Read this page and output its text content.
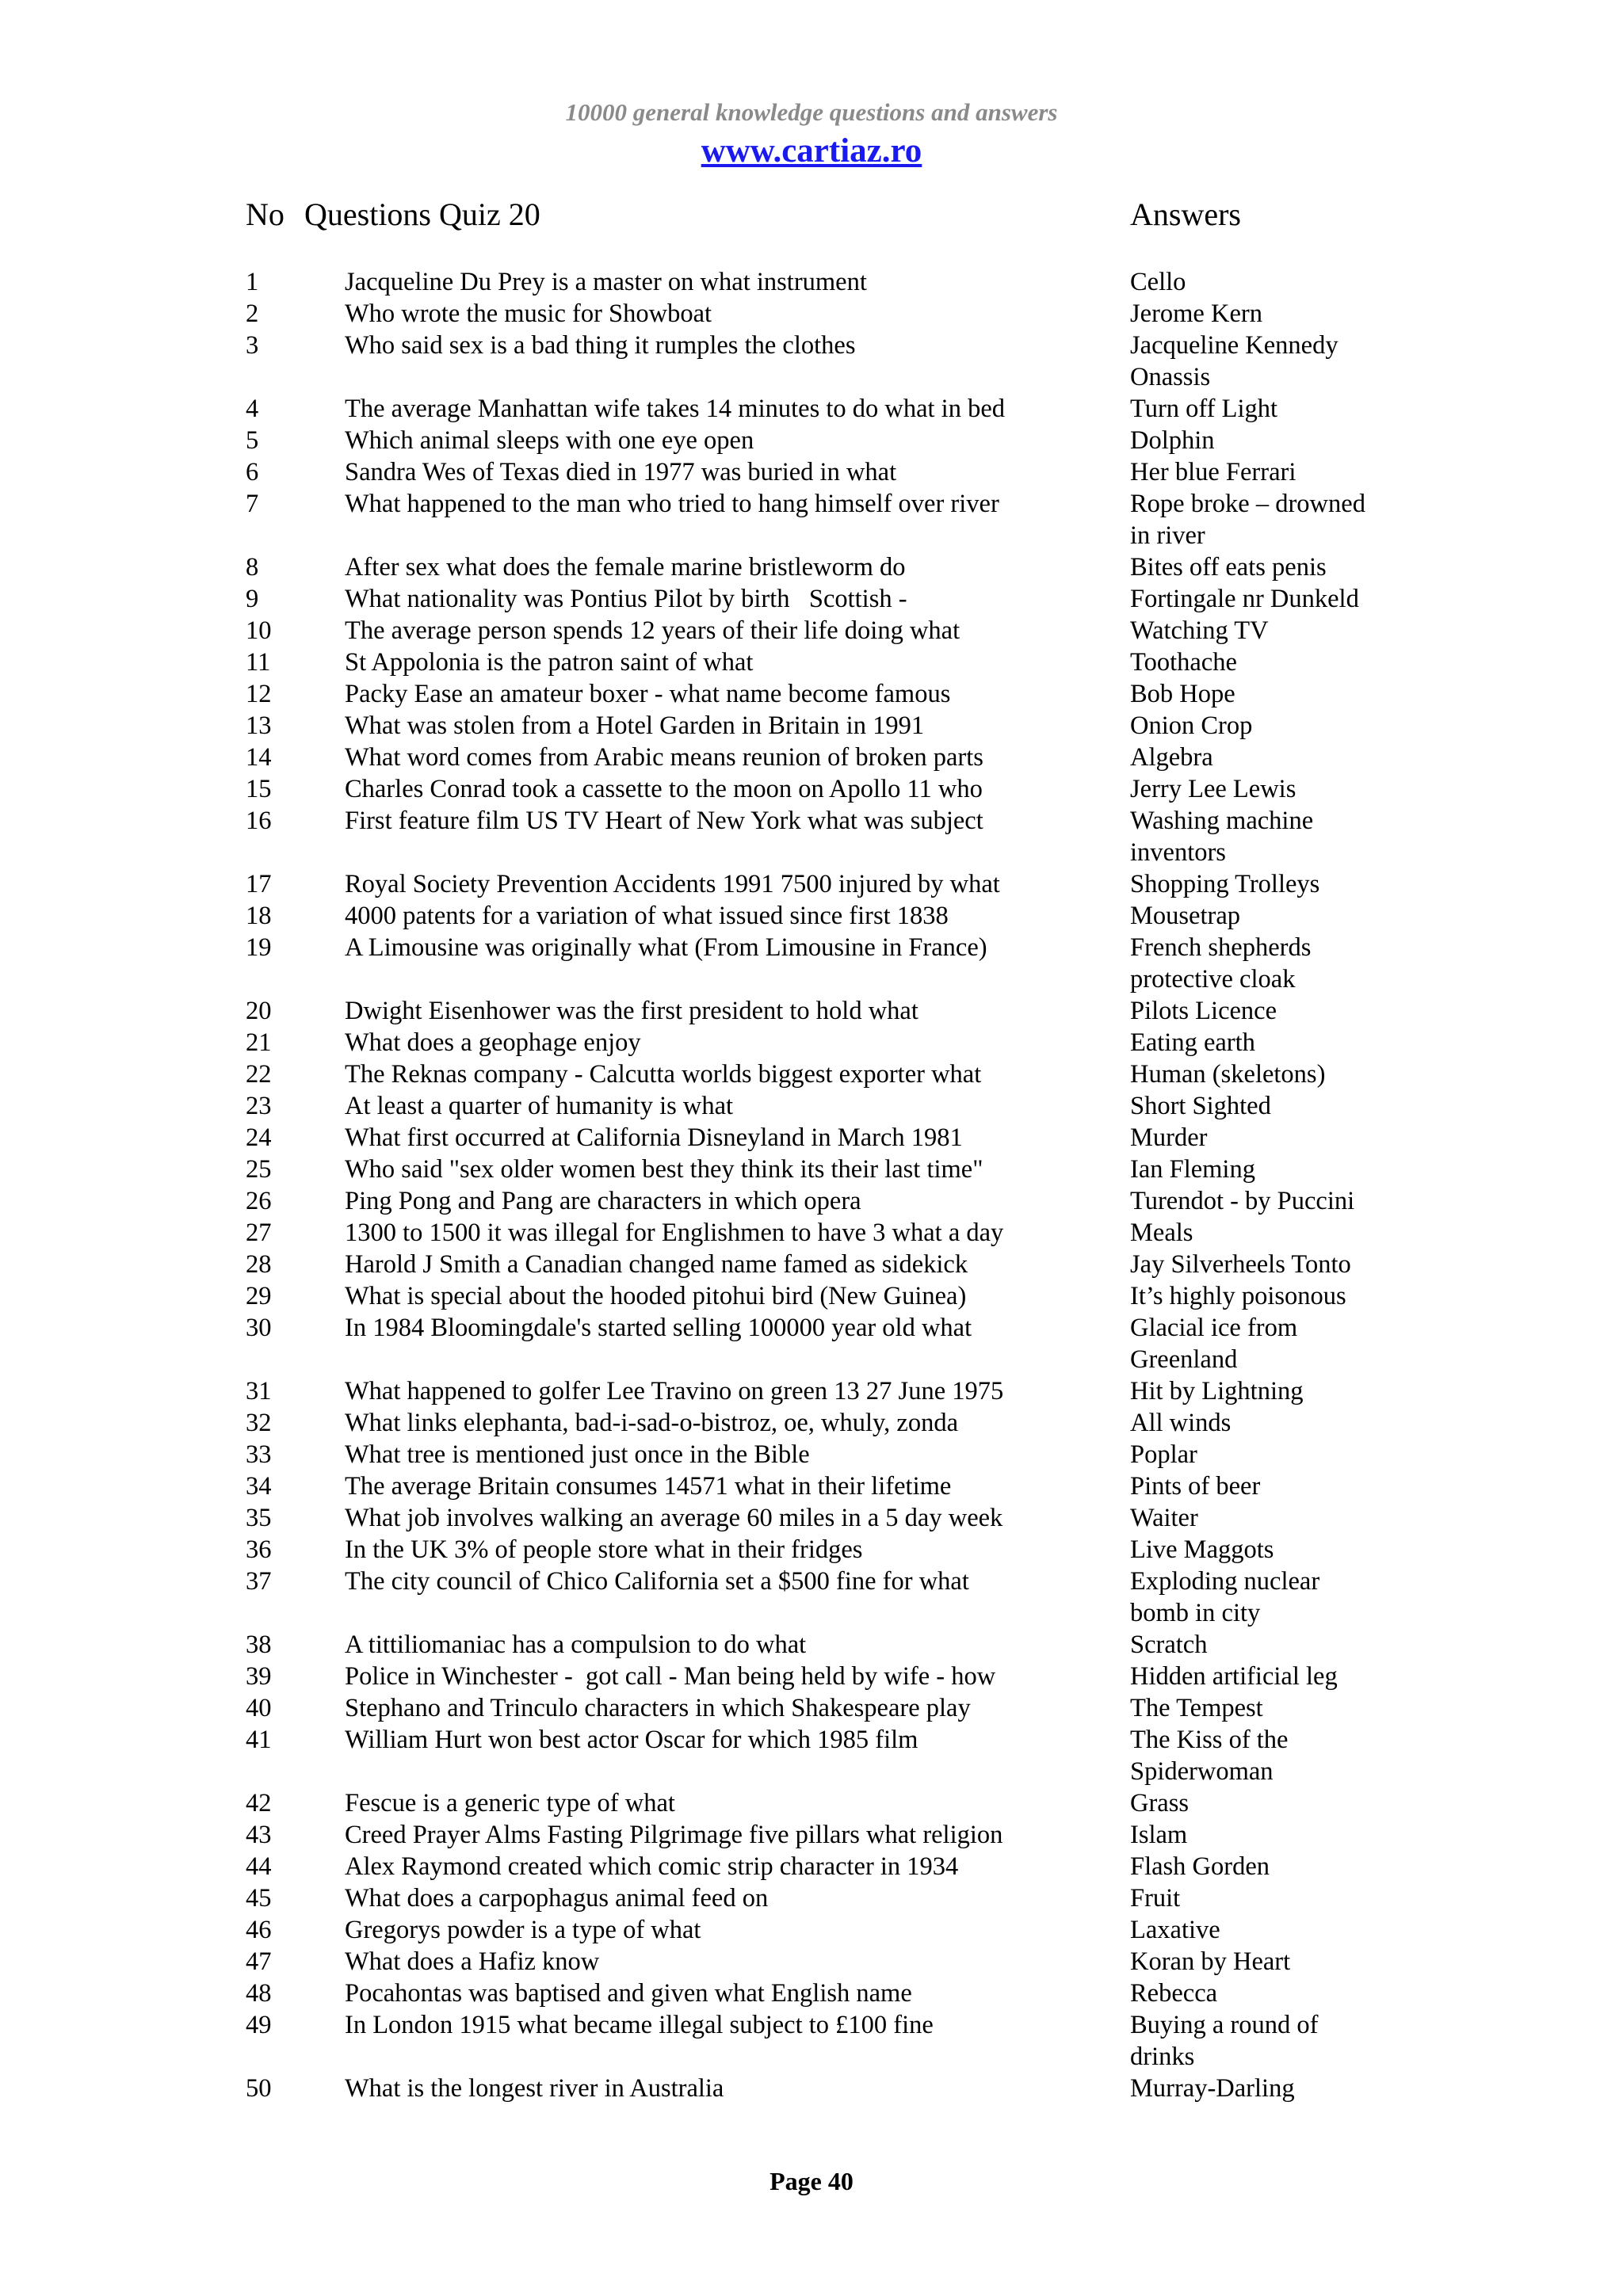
10000 general knowledge questions and answers
www.cartiaz.ro
No Questions Quiz 20	Answers
1	Jacqueline Du Prey is a master on what instrument	Cello
2	Who wrote the music for Showboat	Jerome Kern
3	Who said sex is a bad thing it rumples the clothes	Jacqueline Kennedy Onassis
4	The average Manhattan wife takes 14 minutes to do what in bed	Turn off Light
5	Which animal sleeps with one eye open	Dolphin
6	Sandra Wes of Texas died in 1977 was buried in what	Her blue Ferrari
7	What happened to the man who tried to hang himself over river	Rope broke – drowned in river
8	After sex what does the female marine bristleworm do	Bites off eats penis
9	What nationality was Pontius Pilot by birth   Scottish -	Fortingale nr Dunkeld
10	The average person spends 12 years of their life doing what	Watching TV
11	St Appolonia is the patron saint of what	Toothache
12	Packy Ease an amateur boxer - what name become famous	Bob Hope
13	What was stolen from a Hotel Garden in Britain in 1991	Onion Crop
14	What word comes from Arabic means reunion of broken parts	Algebra
15	Charles Conrad took a cassette to the moon on Apollo 11 who	Jerry Lee Lewis
16	First feature film US TV Heart of New York what was subject	Washing machine inventors
17	Royal Society Prevention Accidents 1991 7500 injured by what	Shopping Trolleys
18	4000 patents for a variation of what issued since first 1838	Mousetrap
19	A Limousine was originally what (From Limousine in France)	French shepherds protective cloak
20	Dwight Eisenhower was the first president to hold what	Pilots Licence
21	What does a geophage enjoy	Eating earth
22	The Reknas company - Calcutta worlds biggest exporter what	Human (skeletons)
23	At least a quarter of humanity is what	Short Sighted
24	What first occurred at California Disneyland in March 1981	Murder
25	Who said "sex older women best they think its their last time"	Ian Fleming
26	Ping Pong and Pang are characters in which opera	Turendot - by Puccini
27	1300 to 1500 it was illegal for Englishmen to have 3 what a day	Meals
28	Harold J Smith a Canadian changed name famed as sidekick	Jay Silverheels Tonto
29	What is special about the hooded pitohui bird (New Guinea)	It’s highly poisonous
30	In 1984 Bloomingdale's started selling 100000 year old what	Glacial ice from Greenland
31	What happened to golfer Lee Travino on green 13 27 June 1975	Hit by Lightning
32	What links elephanta, bad-i-sad-o-bistroz, oe, whuly, zonda	All winds
33	What tree is mentioned just once in the Bible	Poplar
34	The average Britain consumes 14571 what in their lifetime	Pints of beer
35	What job involves walking an average 60 miles in a 5 day week	Waiter
36	In the UK 3% of people store what in their fridges	Live Maggots
37	The city council of Chico California set a $500 fine for what	Exploding nuclear bomb in city
38	A tittiliomaniac has a compulsion to do what	Scratch
39	Police in Winchester -  got call - Man being held by wife - how	Hidden artificial leg
40	Stephano and Trinculo characters in which Shakespeare play	The Tempest
41	William Hurt won best actor Oscar for which 1985 film	The Kiss of the Spiderwoman
42	Fescue is a generic type of what	Grass
43	Creed Prayer Alms Fasting Pilgrimage five pillars what religion	Islam
44	Alex Raymond created which comic strip character in 1934	Flash Gorden
45	What does a carpophagus animal feed on	Fruit
46	Gregorys powder is a type of what	Laxative
47	What does a Hafiz know	Koran by Heart
48	Pocahontas was baptised and given what English name	Rebecca
49	In London 1915 what became illegal subject to £100 fine	Buying a round of drinks
50	What is the longest river in Australia	Murray-Darling
Page 40
